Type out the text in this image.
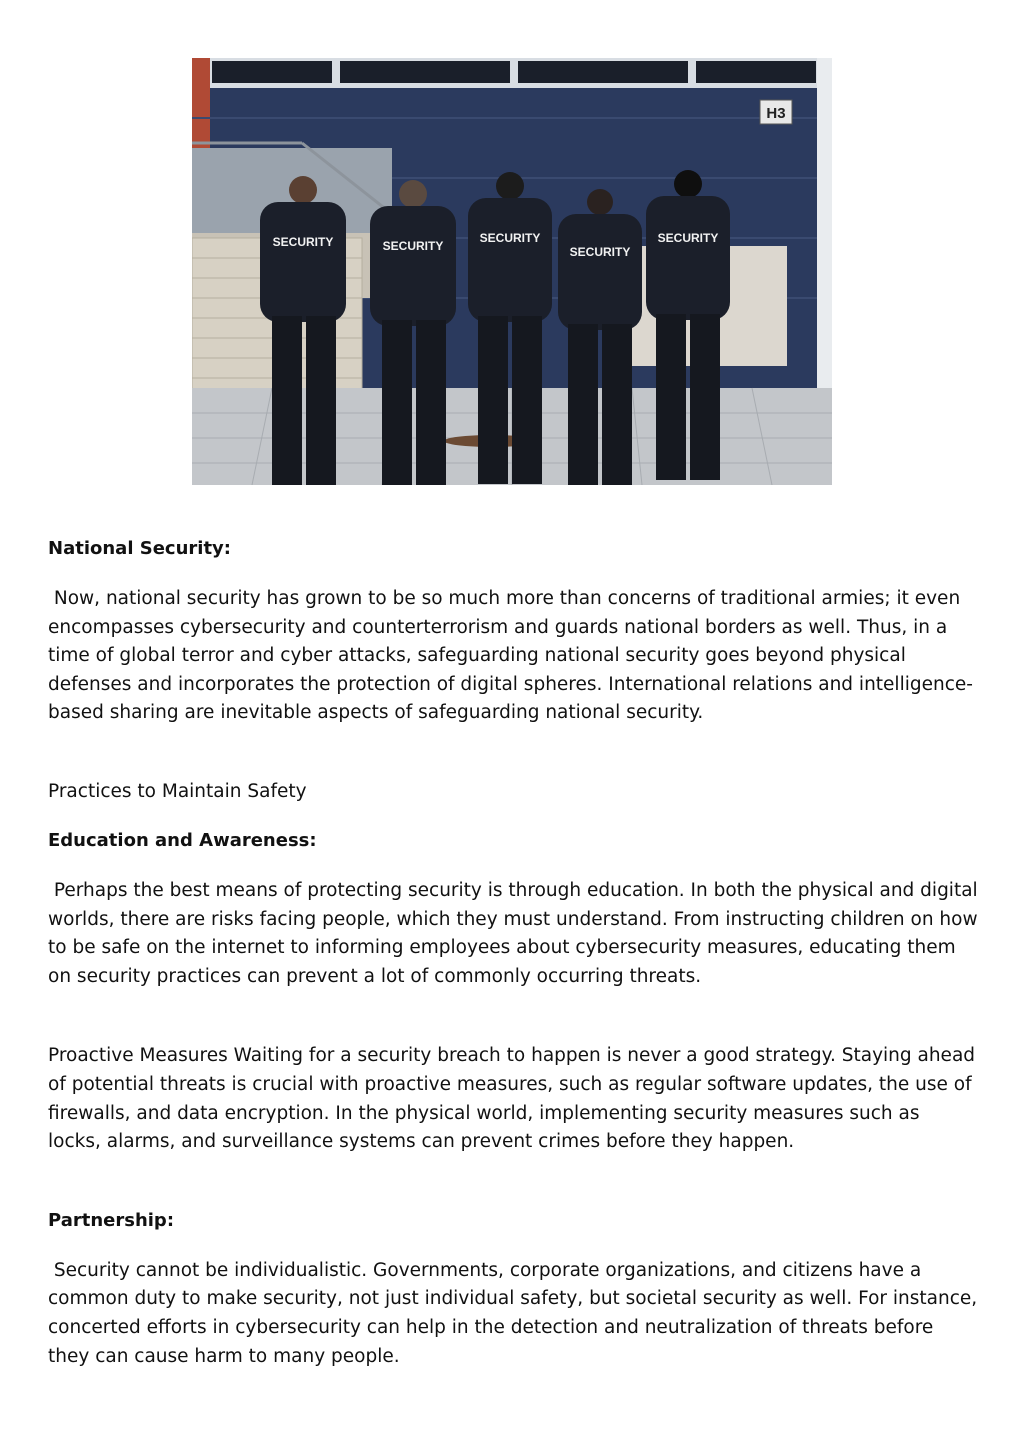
H3
SECURITY	SECURITY
SECURITY
SECURITY
SECURITY

National Security:

Now, national security has grown to be so much more than concerns of traditional armies; it even encompasses cybersecurity and counterterrorism and guards national borders as well. Thus, in a time of global terror and cyber attacks, safeguarding national security goes beyond physical defenses and incorporates the protection of digital spheres. International relations and intelligence-based sharing are inevitable aspects of safeguarding national security.

Practices to Maintain Safety

Education and Awareness:

Perhaps the best means of protecting security is through education. In both the physical and digital worlds, there are risks facing people, which they must understand. From instructing children on how to be safe on the internet to informing employees about cybersecurity measures, educating them on security practices can prevent a lot of commonly occurring threats.

Proactive Measures Waiting for a security breach to happen is never a good strategy. Staying ahead of potential threats is crucial with proactive measures, such as regular software updates, the use of firewalls, and data encryption. In the physical world, implementing security measures such as locks, alarms, and surveillance systems can prevent crimes before they happen.

Partnership:

Security cannot be individualistic. Governments, corporate organizations, and citizens have a common duty to make security, not just individual safety, but societal security as well. For instance, concerted efforts in cybersecurity can help in the detection and neutralization of threats before they can cause harm to many people.
